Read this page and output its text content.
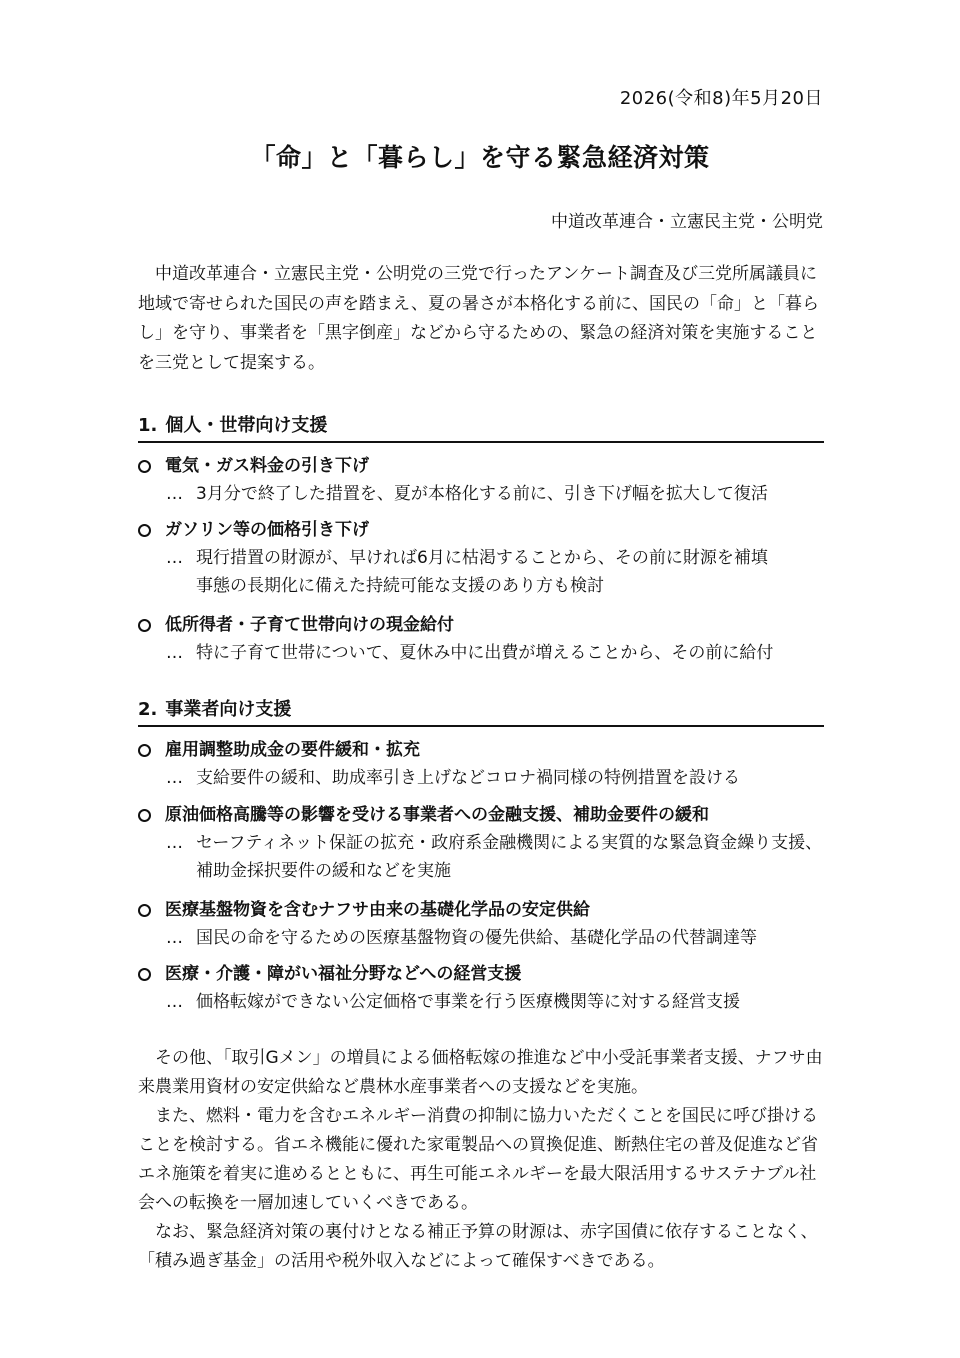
2026(令和8)年5月20日
「命」と「暮らし」を守る緊急経済対策
中道改革連合・立憲民主党・公明党

中道改革連合・立憲民主党・公明党の三党で行ったアンケート調査及び三党所属議員に地域で寄せられた国民の声を踏まえ、夏の暑さが本格化する前に、国民の「命」と「暮らし」を守り、事業者を「黒字倒産」などから守るための、緊急の経済対策を実施することを三党として提案する。

1. 個人・世帯向け支援
電気・ガス料金の引き下げ
… 3月分で終了した措置を、夏が本格化する前に、引き下げ幅を拡大して復活
ガソリン等の価格引き下げ
… 現行措置の財源が、早ければ6月に枯渇することから、その前に財源を補填
事態の長期化に備えた持続可能な支援のあり方も検討
低所得者・子育て世帯向けの現金給付
… 特に子育て世帯について、夏休み中に出費が増えることから、その前に給付
2. 事業者向け支援
雇用調整助成金の要件緩和・拡充
… 支給要件の緩和、助成率引き上げなどコロナ禍同様の特例措置を設ける
原油価格高騰等の影響を受ける事業者への金融支援、補助金要件の緩和
… セーフティネット保証の拡充・政府系金融機関による実質的な緊急資金繰り支援、
補助金採択要件の緩和などを実施
医療基盤物資を含むナフサ由来の基礎化学品の安定供給
… 国民の命を守るための医療基盤物資の優先供給、基礎化学品の代替調達等
医療・介護・障がい福祉分野などへの経営支援
… 価格転嫁ができない公定価格で事業を行う医療機関等に対する経営支援

その他、「取引Gメン」の増員による価格転嫁の推進など中小受託事業者支援、ナフサ由来農業用資材の安定供給など農林水産事業者への支援などを実施。

また、燃料・電力を含むエネルギー消費の抑制に協力いただくことを国民に呼び掛けることを検討する。省エネ機能に優れた家電製品への買換促進、断熱住宅の普及促進など省エネ施策を着実に進めるとともに、再生可能エネルギーを最大限活用するサステナブル社会への転換を一層加速していくべきである。

なお、緊急経済対策の裏付けとなる補正予算の財源は、赤字国債に依存することなく、「積み過ぎ基金」の活用や税外収入などによって確保すべきである。
